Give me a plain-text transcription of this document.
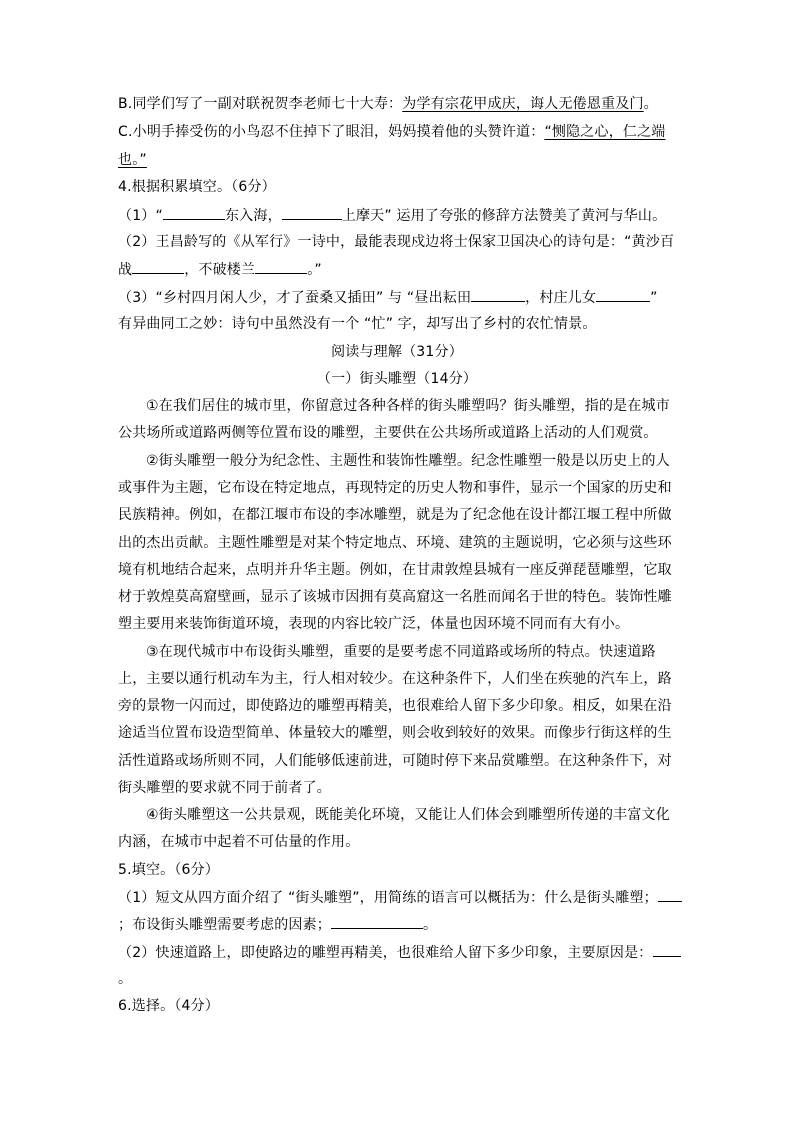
B.同学们写了一副对联祝贺李老师七十大寿：为学有宗花甲成庆，诲人无倦恩重及门。
C.小明手捧受伤的小鸟忍不住掉下了眼泪，妈妈摸着他的头赞许道：“恻隐之心，仁之端
也。”
4.根据积累填空。（6分）
（1）“	东入海，	上摩天” 运用了夸张的修辞方法赞美了黄河与华山。
（2）王昌龄写的《从军行》一诗中，最能表现戍边将士保家卫国决心的诗句是：“黄沙百
战	，不破楼兰	。”
（3）“乡村四月闲人少，才了蚕桑又插田” 与 “昼出耘田	，村庄儿女	”
有异曲同工之妙：诗句中虽然没有一个 “忙” 字，却写出了乡村的农忙情景。
阅读与理解（31分）
（一）街头雕塑（14分）
①在我们居住的城市里，你留意过各种各样的街头雕塑吗？街头雕塑，指的是在城市
公共场所或道路两侧等位置布设的雕塑，主要供在公共场所或道路上活动的人们观赏。
②街头雕塑一般分为纪念性、主题性和装饰性雕塑。纪念性雕塑一般是以历史上的人
或事件为主题，它布设在特定地点，再现特定的历史人物和事件，显示一个国家的历史和
民族精神。例如，在都江堰市布设的李冰雕塑，就是为了纪念他在设计都江堰工程中所做
出的杰出贡献。主题性雕塑是对某个特定地点、环境、建筑的主题说明，它必须与这些环
境有机地结合起来，点明并升华主题。例如，在甘肃敦煌县城有一座反弹琵琶雕塑，它取
材于敦煌莫高窟壁画，显示了该城市因拥有莫高窟这一名胜而闻名于世的特色。装饰性雕
塑主要用来装饰街道环境，表现的内容比较广泛，体量也因环境不同而有大有小。
③在现代城市中布设街头雕塑，重要的是要考虑不同道路或场所的特点。快速道路
上，主要以通行机动车为主，行人相对较少。在这种条件下，人们坐在疾驰的汽车上，路
旁的景物一闪而过，即使路边的雕塑再精美，也很难给人留下多少印象。相反，如果在沿
途适当位置布设造型简单、体量较大的雕塑，则会收到较好的效果。而像步行街这样的生
活性道路或场所则不同，人们能够低速前进，可随时停下来品赏雕塑。在这种条件下，对
街头雕塑的要求就不同于前者了。
④街头雕塑这一公共景观，既能美化环境，又能让人们体会到雕塑所传递的丰富文化
内涵，在城市中起着不可估量的作用。
5.填空。（6分）
（1）短文从四方面介绍了 “街头雕塑”，用简练的语言可以概括为：什么是街头雕塑；
；布设街头雕塑需要考虑的因素；	。
（2）快速道路上，即使路边的雕塑再精美，也很难给人留下多少印象，主要原因是：
。
6.选择。（4分）
